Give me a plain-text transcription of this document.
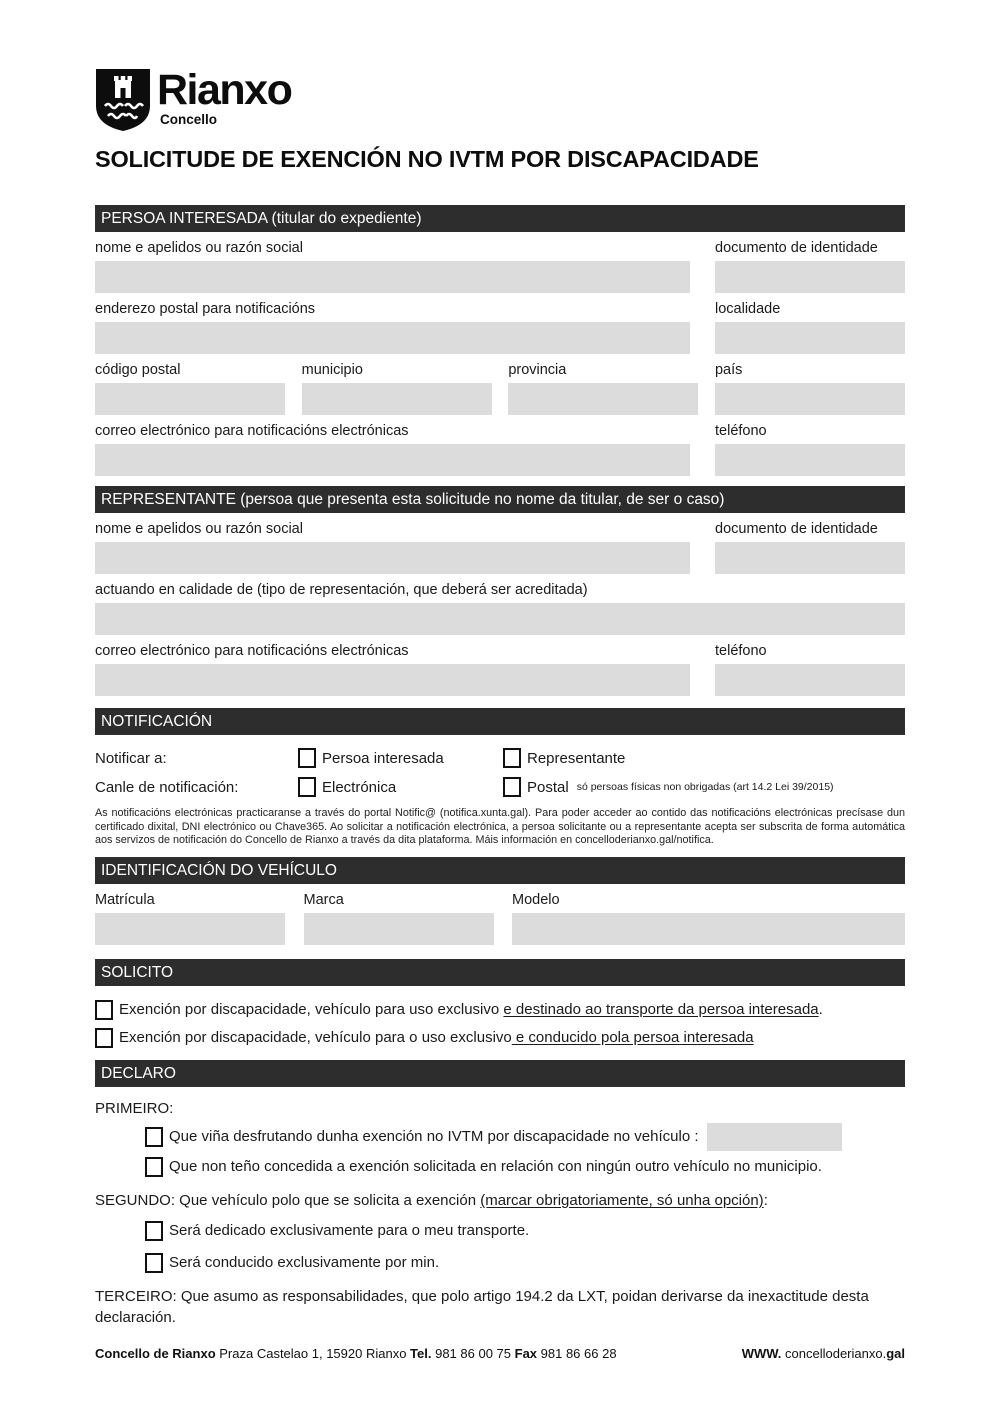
Rianxo
Concello
SOLICITUDE DE EXENCIÓN NO IVTM POR DISCAPACIDADE
PERSOA INTERESADA (titular do expediente)
nome e apelidos ou razón social	documento de identidade
enderezo postal para notificacións	localidade
código postal	municipio	provincia	país
correo electrónico para notificacións electrónicas	teléfono
REPRESENTANTE (persoa que presenta esta solicitude no nome da titular, de ser o caso)
nome e apelidos ou razón social	documento de identidade
actuando en calidade de (tipo de representación, que deberá ser acreditada)
correo electrónico para notificacións electrónicas	teléfono
NOTIFICACIÓN
Notificar a:	Persoa interesada	Representante
Canle de notificación:	Electrónica	Postal só persoas físicas non obrigadas (art 14.2 Lei 39/2015)
As notificacións electrónicas practicaranse a través do portal Notific@ (notifica.xunta.gal). Para poder acceder ao contido das notificacións electrónicas precísase dun certificado dixital, DNI electrónico ou Chave365. Ao solicitar a notificación electrónica, a persoa solicitante ou a representante acepta ser subscrita de forma automática aos servizos de notificación do Concello de Rianxo a través da dita plataforma. Máis información en concelloderianxo.gal/notifica.
IDENTIFICACIÓN DO VEHÍCULO
Matrícula	Marca	Modelo
SOLICITO
Exención por discapacidade, vehículo para uso exclusivo e destinado ao transporte da persoa interesada.
Exención por discapacidade, vehículo para o uso exclusivo e conducido pola persoa interesada
DECLARO
PRIMEIRO:
Que viña desfrutando dunha exención no IVTM por discapacidade no vehículo :
Que non teño concedida a exención solicitada en relación con ningún outro vehículo no municipio.
SEGUNDO: Que vehículo polo que se solicita a exención (marcar obrigatoriamente, só unha opción):
Será dedicado exclusivamente para o meu transporte.
Será conducido exclusivamente por min.
TERCEIRO: Que asumo as responsabilidades, que polo artigo 194.2 da LXT, poidan derivarse da inexactitude desta declaración.
Concello de Rianxo Praza Castelao 1, 15920 Rianxo Tel. 981 86 00 75 Fax 981 86 66 28	WWW. concelloderianxo.gal
